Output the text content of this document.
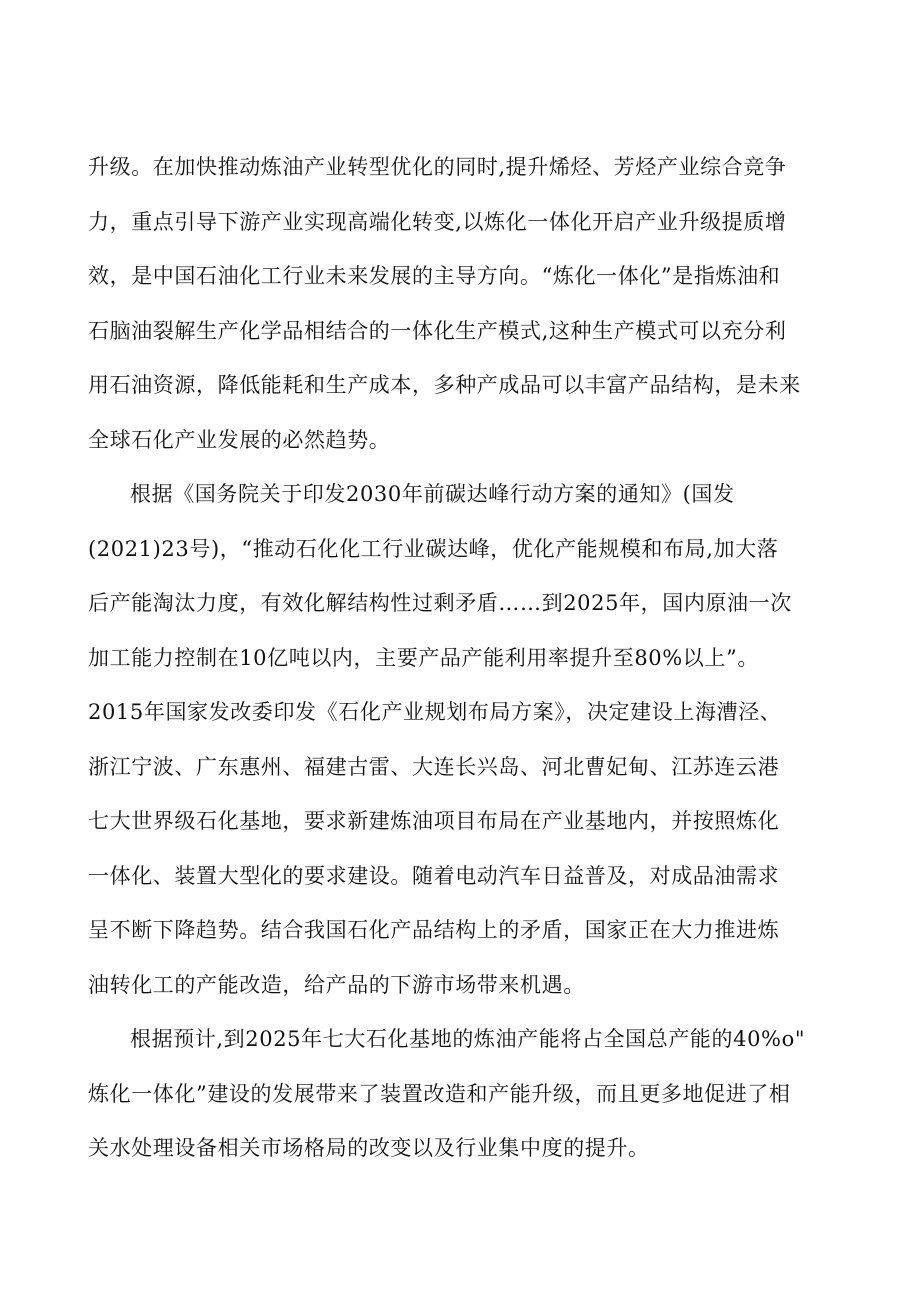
升级。在加快推动炼油产业转型优化的同时,提升烯烃、芳烃产业综合竞争
力，重点引导下游产业实现高端化转变,以炼化一体化开启产业升级提质增
效，是中国石油化工行业未来发展的主导方向。“炼化一体化”是指炼油和
石脑油裂解生产化学品相结合的一体化生产模式,这种生产模式可以充分利
用石油资源，降低能耗和生产成本，多种产成品可以丰富产品结构，是未来
全球石化产业发展的必然趋势。

根据《国务院关于印发2030年前碳达峰行动方案的通知》(国发
(2021)23号)，“推动石化化工行业碳达峰，优化产能规模和布局,加大落
后产能淘汰力度，有效化解结构性过剩矛盾……到2025年，国内原油一次
加工能力控制在10亿吨以内，主要产品产能利用率提升至80%以上”。
2015年国家发改委印发《石化产业规划布局方案》，决定建设上海漕泾、
浙江宁波、广东惠州、福建古雷、大连长兴岛、河北曹妃甸、江苏连云港
七大世界级石化基地，要求新建炼油项目布局在产业基地内，并按照炼化
一体化、装置大型化的要求建设。随着电动汽车日益普及，对成品油需求
呈不断下降趋势。结合我国石化产品结构上的矛盾，国家正在大力推进炼
油转化工的产能改造，给产品的下游市场带来机遇。

根据预计,到2025年七大石化基地的炼油产能将占全国总产能的40%o"
炼化一体化”建设的发展带来了装置改造和产能升级，而且更多地促进了相
关水处理设备相关市场格局的改变以及行业集中度的提升。
